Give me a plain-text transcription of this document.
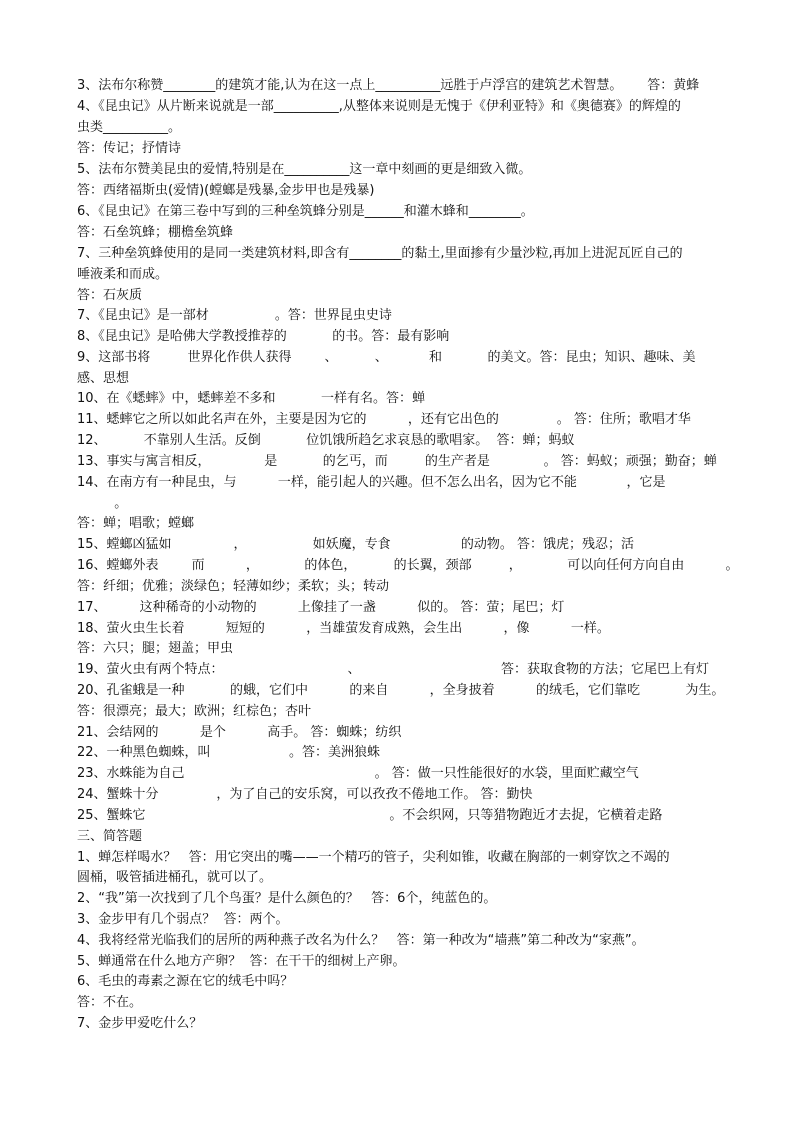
3、法布尔称赞________的建筑才能,认为在这一点上__________远胜于卢浮宫的建筑艺术智慧。      答：黄蜂
4、《昆虫记》从片断来说就是一部__________,从整体来说则是无愧于《伊利亚特》和《奥德赛》的辉煌的
虫类__________。
答：传记；抒情诗
5、法布尔赞美昆虫的爱情,特别是在__________这一章中刻画的更是细致入微。
答：西绪福斯虫(爱情)(螳螂是残暴,金步甲也是残暴)
6、《昆虫记》在第三卷中写到的三种垒筑蜂分别是______和灌木蜂和________。
答：石垒筑蜂；棚檐垒筑蜂
7、三种垒筑蜂使用的是同一类建筑材料,即含有________的黏土,里面掺有少量沙粒,再加上进泥瓦匠自己的
唾液柔和而成。
答：石灰质
7、《昆虫记》是一部材                。答：世界昆虫史诗
8、《昆虫记》是哈佛大学教授推荐的           的书。答：最有影响
9、这部书将         世界化作供人获得        、         、          和           的美文。答：昆虫；知识、趣味、美
感、思想
10、在《蟋蟀》中，蟋蟀差不多和           一样有名。答：蝉
11、蟋蟀它之所以如此名声在外，主要是因为它的          ，还有它出色的              。 答：住所；歌唱才华
12、         不靠别人生活。反倒           位饥饿所趋乞求哀恳的歌唱家。  答：蝉；蚂蚁
13、事实与寓言相反，             是           的乞丐，而         的生产者是             。 答：蚂蚁；顽强；勤奋；蝉
14、在南方有一种昆虫，与          一样，能引起人的兴趣。但不怎么出名，因为它不能            ，它是
。
答：蝉；唱歌；螳螂
15、螳螂凶猛如               ，                如妖魔，专食                 的动物。 答：饿虎；残忍；活
16、螳螂外表        而          ，           的体色，         的长翼，颈部         ，           可以向任何方向自由          。
答：纤细；优雅；淡绿色；轻薄如纱；柔软；头；转动
17、        这种稀奇的小动物的          上像挂了一盏          似的。 答：萤；尾巴；灯
18、萤火虫生长着          短短的          ，当雄萤发育成熟，会生出          ，像          一样。
答：六只；腿；翅盖；甲虫
19、萤火虫有两个特点：                              、                                  答：获取食物的方法；它尾巴上有灯
20、孔雀蛾是一种           的蛾，它们中          的来自          ，全身披着          的绒毛，它们靠吃           为生。
答：很漂亮；最大；欧洲；红棕色；杏叶
21、会结网的          是个          高手。 答：蜘蛛；纺织
22、一种黑色蜘蛛，叫                   。答：美洲狼蛛
23、水蛛能为自己                                              。 答：做一只性能很好的水袋，里面贮藏空气
24、蟹蛛十分              ，为了自己的安乐窝，可以孜孜不倦地工作。 答：勤快
25、蟹蛛它                                                           。不会织网，只等猎物跑近才去捉，它横着走路
三、简答题
1、蝉怎样喝水？   答：用它突出的嘴——一个精巧的管子，尖利如锥，收藏在胸部的一刺穿饮之不竭的
圆桶，吸管插进桶孔，就可以了。
2、“我”第一次找到了几个鸟蛋？是什么颜色的？   答：6个，纯蓝色的。
3、金步甲有几个弱点？  答：两个。
4、我将经常光临我们的居所的两种燕子改名为什么？   答：第一种改为“墙燕”第二种改为“家燕”。
5、蝉通常在什么地方产卵？  答：在干干的细树上产卵。
6、毛虫的毒素之源在它的绒毛中吗？
答：不在。
7、金步甲爱吃什么？
